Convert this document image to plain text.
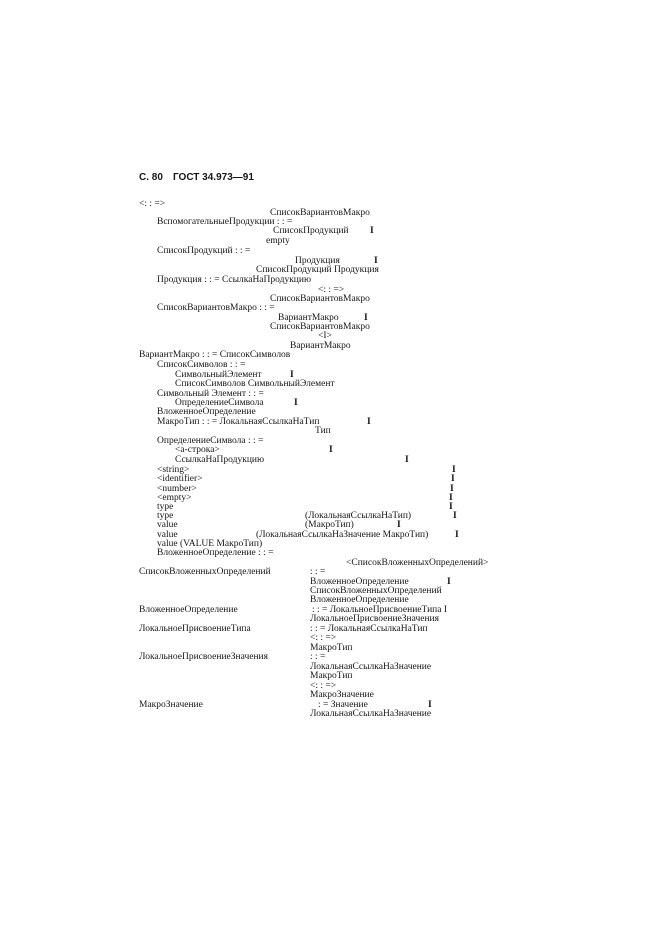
С. 80 ГОСТ 34.973—91
<: : =>
СписокВариантовМакро
ВспомогательныеПродукции : : =
СписокПродукций I
empty
СписокПродукций : : =
Продукция	I
СписокПродукций Продукция
Продукция : : = СсылкаНаПродукцию
<: : =>
СписокВариантовМакро
СписокВариантовМакро : : =
ВариантМакро	I
СписокВариантовМакро
<I>
ВариантМакро
ВариантМакро : : = СписокСимволов
СписокСимволов : : =
СимвольныйЭлемент	I
СписокСимволов СимвольныйЭлемент
Символьный Элемент : : =
ОпределениеСимвола	I
ВложенноеОпределение
МакроТип : : = ЛокальнаяСсылкаНаТип	I
Тип
ОпределениеСимвола : : =
<a-строка>	I
СсылкаНаПродукцию	I
<string>	I
<identifier>	I
<number>	I
<empty>	I
type	I
type	(ЛокальнаяСсылкаНаТип)	I
value	(МакроТип)	I
value	(ЛокальнаяСсылкаНаЗначение МакроТип)	I
value (VALUE МакроТип)
ВложенноеОпределение : : =
<СписокВложенныхОпределений>
СписокВложенныхОпределений	: : =
ВложенноеОпределение	I
СписокВложенныхОпределений
ВложенноеОпределение
ВложенноеОпределение	: : = ЛокальноеПрисвоениеТипа I
ЛокальноеПрисвоениеЗначения
ЛокальноеПрисвоениеТипа	: : = ЛокальнаяСсылкаНаТип
<: : =>
МакроТип
ЛокальноеПрисвоениеЗначения	: : =
ЛокальнаяСсылкаНаЗначение
МакроТип
<: : =>
МакроЗначение
МакроЗначение	: = Значение	I
ЛокальнаяСсылкаНаЗначение
